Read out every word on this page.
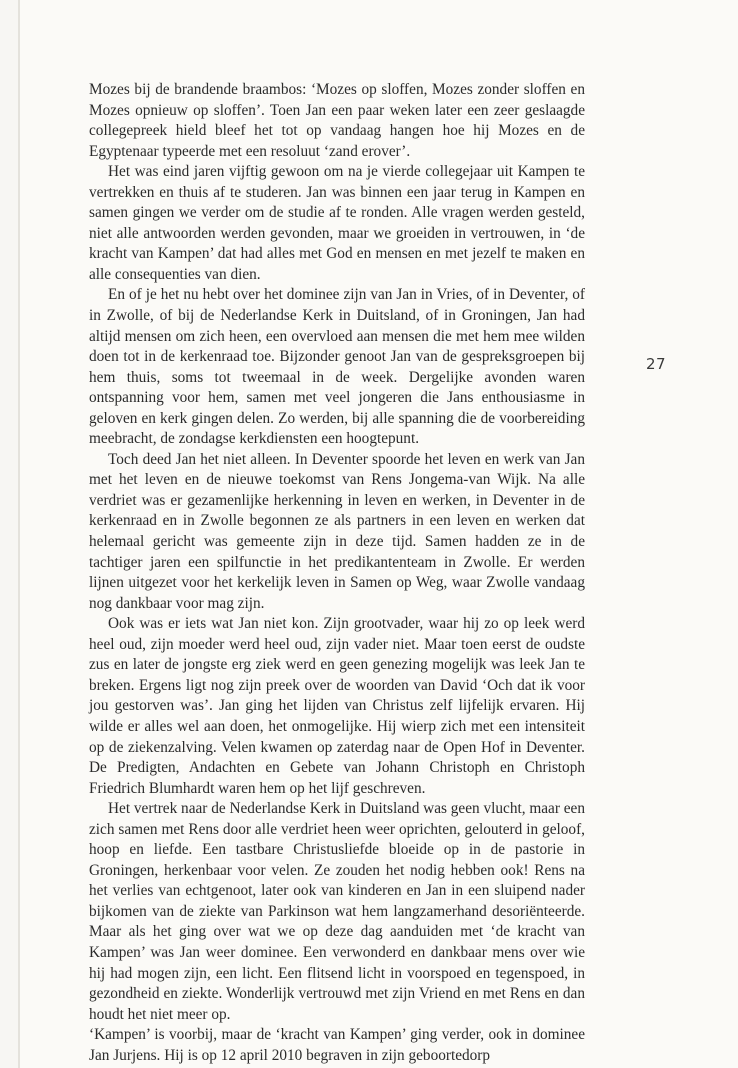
27

Mozes bij de brandende braambos: ‘Mozes op sloffen, Mozes zonder sloffen en Mozes opnieuw op sloffen’. Toen Jan een paar weken later een zeer geslaagde collegepreek hield bleef het tot op vandaag hangen hoe hij Mozes en de Egyptenaar typeerde met een resoluut ‘zand erover’.

Het was eind jaren vijftig gewoon om na je vierde collegejaar uit Kampen te vertrekken en thuis af te studeren. Jan was binnen een jaar terug in Kampen en samen gingen we verder om de studie af te ronden. Alle vragen werden gesteld, niet alle antwoorden werden gevonden, maar we groeiden in vertrouwen, in ‘de kracht van Kampen’ dat had alles met God en mensen en met jezelf te maken en alle consequenties van dien.

En of je het nu hebt over het dominee zijn van Jan in Vries, of in Deventer, of in Zwolle, of bij de Nederlandse Kerk in Duitsland, of in Groningen, Jan had altijd mensen om zich heen, een overvloed aan mensen die met hem mee wilden doen tot in de kerkenraad toe. Bijzonder genoot Jan van de gespreksgroepen bij hem thuis, soms tot tweemaal in de week. Dergelijke avonden waren ontspanning voor hem, samen met veel jongeren die Jans enthousiasme in geloven en kerk gingen delen. Zo werden, bij alle spanning die de voorbereiding meebracht, de zondagse kerkdiensten een hoogtepunt.

Toch deed Jan het niet alleen. In Deventer spoorde het leven en werk van Jan met het leven en de nieuwe toekomst van Rens Jongema-van Wijk. Na alle verdriet was er gezamenlijke herkenning in leven en werken, in Deventer in de kerkenraad en in Zwolle begonnen ze als partners in een leven en werken dat helemaal gericht was gemeente zijn in deze tijd. Samen hadden ze in de tachtiger jaren een spilfunctie in het predikantenteam in Zwolle. Er werden lijnen uitgezet voor het kerkelijk leven in Samen op Weg, waar Zwolle vandaag nog dankbaar voor mag zijn.

Ook was er iets wat Jan niet kon. Zijn grootvader, waar hij zo op leek werd heel oud, zijn moeder werd heel oud, zijn vader niet. Maar toen eerst de oudste zus en later de jongste erg ziek werd en geen genezing mogelijk was leek Jan te breken. Ergens ligt nog zijn preek over de woorden van David ‘Och dat ik voor jou gestorven was’. Jan ging het lijden van Christus zelf lijfelijk ervaren. Hij wilde er alles wel aan doen, het onmogelijke. Hij wierp zich met een intensiteit op de ziekenzalving. Velen kwamen op zaterdag naar de Open Hof in Deventer. De Predigten, Andachten en Gebete van Johann Christoph en Christoph Friedrich Blumhardt waren hem op het lijf geschreven.

Het vertrek naar de Nederlandse Kerk in Duitsland was geen vlucht, maar een zich samen met Rens door alle verdriet heen weer oprichten, gelouterd in geloof, hoop en liefde. Een tastbare Christusliefde bloeide op in de pastorie in Groningen, herkenbaar voor velen. Ze zouden het nodig hebben ook! Rens na het verlies van echtgenoot, later ook van kinderen en Jan in een sluipend nader bijkomen van de ziekte van Parkinson wat hem langzamerhand desoriënteerde. Maar als het ging over wat we op deze dag aanduiden met ‘de kracht van Kampen’ was Jan weer dominee. Een verwonderd en dankbaar mens over wie hij had mogen zijn, een licht. Een flitsend licht in voorspoed en tegenspoed, in gezondheid en ziekte. Wonderlijk vertrouwd met zijn Vriend en met Rens en dan houdt het niet meer op.

‘Kampen’ is voorbij, maar de ‘kracht van Kampen’ ging verder, ook in dominee Jan Jurjens. Hij is op 12 april 2010 begraven in zijn geboortedorp
